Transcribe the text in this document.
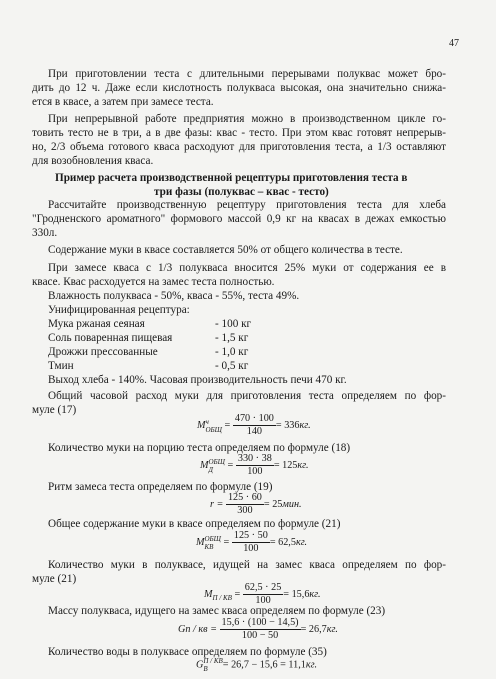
47
При приготовлении теста с длительными перерывами полуквас может бро-
дить до 12 ч. Даже если кислотность полукваса высокая, она значительно снижа-
ется в квасе, а затем при замесе теста.
При непрерывной работе предприятия можно в производственном цикле го-
товить тесто не в три, а в две фазы: квас - тесто. При этом квас готовят непрерыв-
но, 2/3 объема готового кваса расходуют для приготовления теста, а 1/3 оставляют
для возобновления кваса.
Пример расчета производственной рецептуры приготовления теста в
три фазы (полуквас – квас - тесто)
Рассчитайте производственную рецептуру приготовления теста для хлеба
"Гродненского ароматного" формового массой 0,9 кг на квасах в дежах емкостью
330л.
Содержание муки в квасе составляется 50% от общего количества в тесте.
При замесе кваса с 1/3 полукваса вносится 25% муки от содержания ее в
квасе. Квас расходуется на замес теста полностью.
Влажность полукваса - 50%, кваса - 55%, теста 49%.
Унифицированная рецептура:
Мука ржаная сеяная	- 100 кг
Соль поваренная пищевая	- 1,5 кг
Дрожжи прессованные	- 1,0 кг
Тмин	- 0,5 кг
Выход хлеба - 140%. Часовая производительность печи 470 кг.
Общий часовой расход муки для приготовления теста определяем по фор-
муле (17)
М ч
ОБЩ = $\frac{470 \cdot 100}{140} = 336кг$.
Количество муки на порцию теста определяем по формуле (18)
М ОБЩ
Д	= $\frac{330 \cdot 38}{100} = 125кг$.
Ритм замеса теста определяем по формуле (19)
$r = \frac{125 \cdot 60}{300} = 25мин$.
Общее содержание муки в квасе определяем по формуле (21)
М ОБЩ
КВ = $\frac{125 \cdot 50}{100} = 62,5кг$.
Количество муки в полуквасе, идущей на замес кваса определяем по фор-
муле (21)
$М_{П / КВ} = \frac{62,5 \cdot 25}{100} = 15,6кг$.
Массу полукваса, идущего на замес кваса определяем по формуле (23)
Gп / кв = $\frac{15,6 \cdot (100 - 14,5)}{100 - 50} = 26,7кг$.
Количество воды в полуквасе определяем по формуле (35)
G П / КВ
В	= 26,7 − 15,6 = 11,1кг.
